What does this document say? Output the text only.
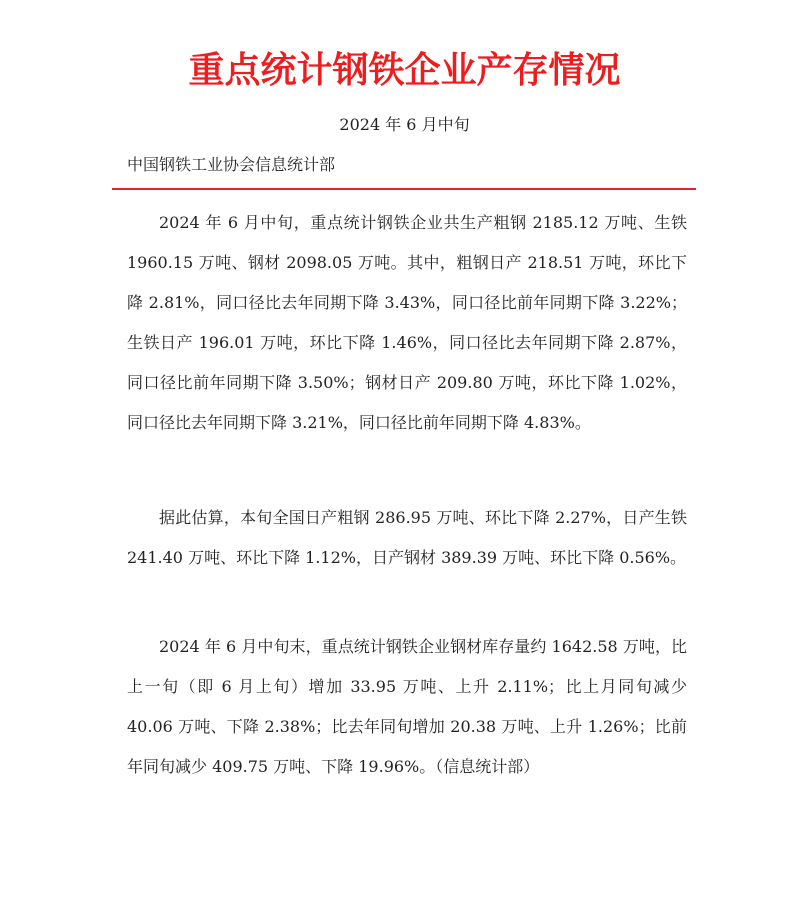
重点统计钢铁企业产存情况
2024 年 6 月中旬
中国钢铁工业协会信息统计部

2024 年 6 月中旬，重点统计钢铁企业共生产粗钢 2185.12 万吨、生铁 1960.15 万吨、钢材 2098.05 万吨。其中，粗钢日产 218.51 万吨，环比下降 2.81%，同口径比去年同期下降 3.43%，同口径比前年同期下降 3.22%；生铁日产 196.01 万吨，环比下降 1.46%，同口径比去年同期下降 2.87%，同口径比前年同期下降 3.50%；钢材日产 209.80 万吨，环比下降 1.02%，同口径比去年同期下降 3.21%，同口径比前年同期下降 4.83%。

据此估算，本旬全国日产粗钢 286.95 万吨、环比下降 2.27%，日产生铁 241.40 万吨、环比下降 1.12%，日产钢材 389.39 万吨、环比下降 0.56%。

2024 年 6 月中旬末，重点统计钢铁企业钢材库存量约 1642.58 万吨，比上一旬（即 6 月上旬）增加 33.95 万吨、上升 2.11%；比上月同旬减少 40.06 万吨、下降 2.38%；比去年同旬增加 20.38 万吨、上升 1.26%；比前年同旬减少 409.75 万吨、下降 19.96%。（信息统计部）
